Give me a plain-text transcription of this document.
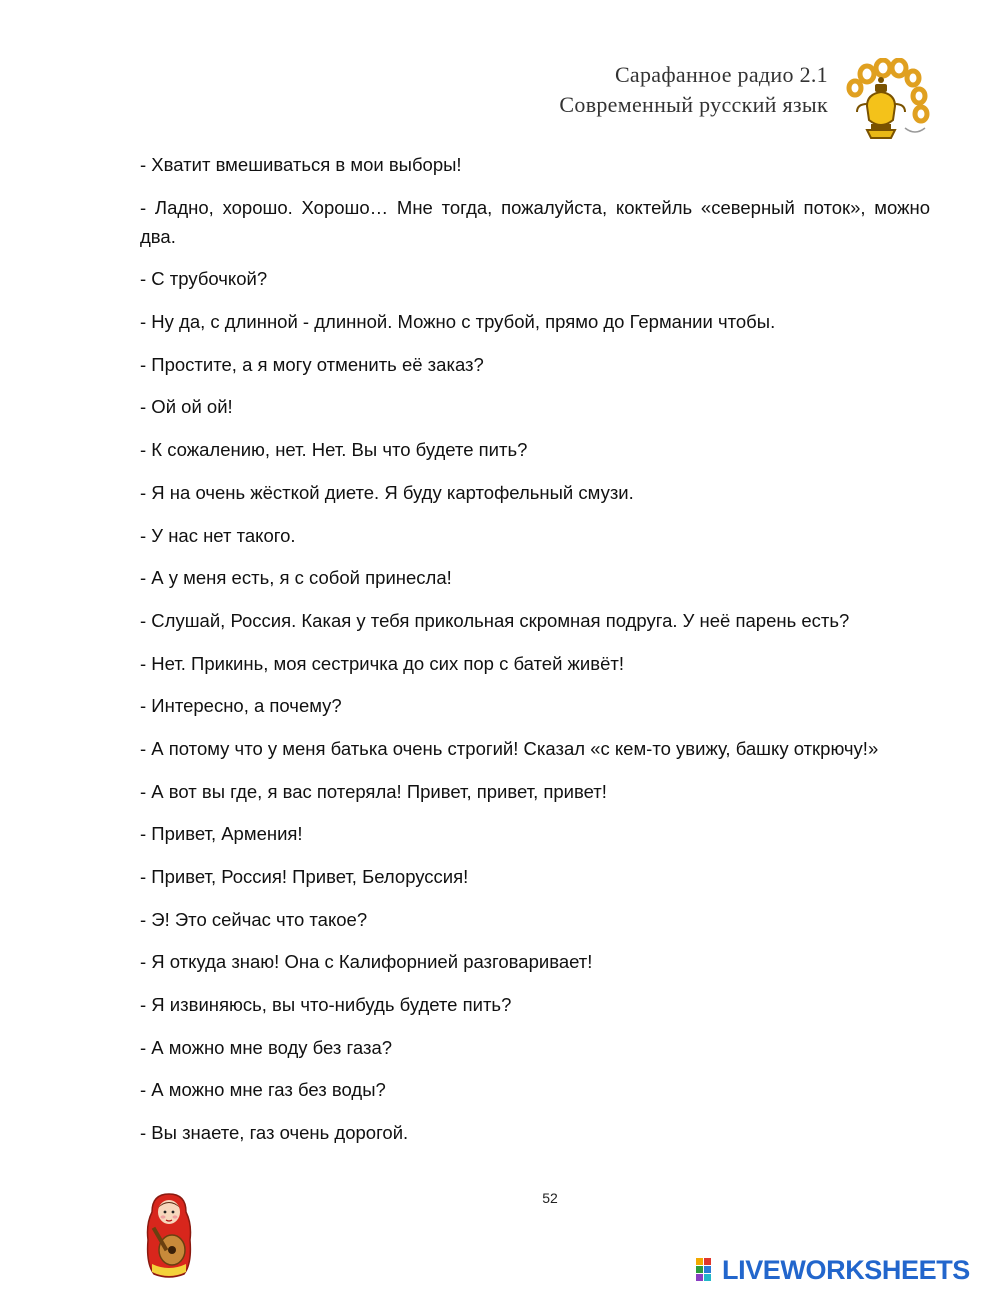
Сарафанное радио 2.1
Современный русский язык

- Хватит вмешиваться в мои выборы!

- Ладно, хорошо. Хорошо… Мне тогда, пожалуйста, коктейль «северный поток», можно два.

- С трубочкой?

- Ну да, с длинной - длинной. Можно с трубой, прямо до Германии чтобы.

- Простите, а я могу отменить её заказ?

- Ой ой ой!

- К сожалению, нет. Нет. Вы что будете пить?

- Я на очень жёсткой диете. Я буду картофельный смузи.

- У нас нет такого.

- А у меня есть, я с собой принесла!

- Слушай, Россия. Какая у тебя прикольная скромная подруга. У неё парень есть?

- Нет. Прикинь, моя сестричка до сих пор с батей живёт!

- Интересно, а почему?

- А потому что у меня батька очень строгий! Сказал «с кем-то увижу, башку открючу!»

- А вот вы где, я вас потеряла! Привет, привет, привет!

- Привет, Армения!

- Привет, Россия! Привет, Белоруссия!

- Э! Это сейчас что такое?

- Я откуда знаю! Она с Калифорнией разговаривает!

- Я извиняюсь, вы что-нибудь будете пить?

- А можно мне воду без газа?

- А можно мне газ без воды?

- Вы знаете, газ очень дорогой.

52
LIVEWORKSHEETS
